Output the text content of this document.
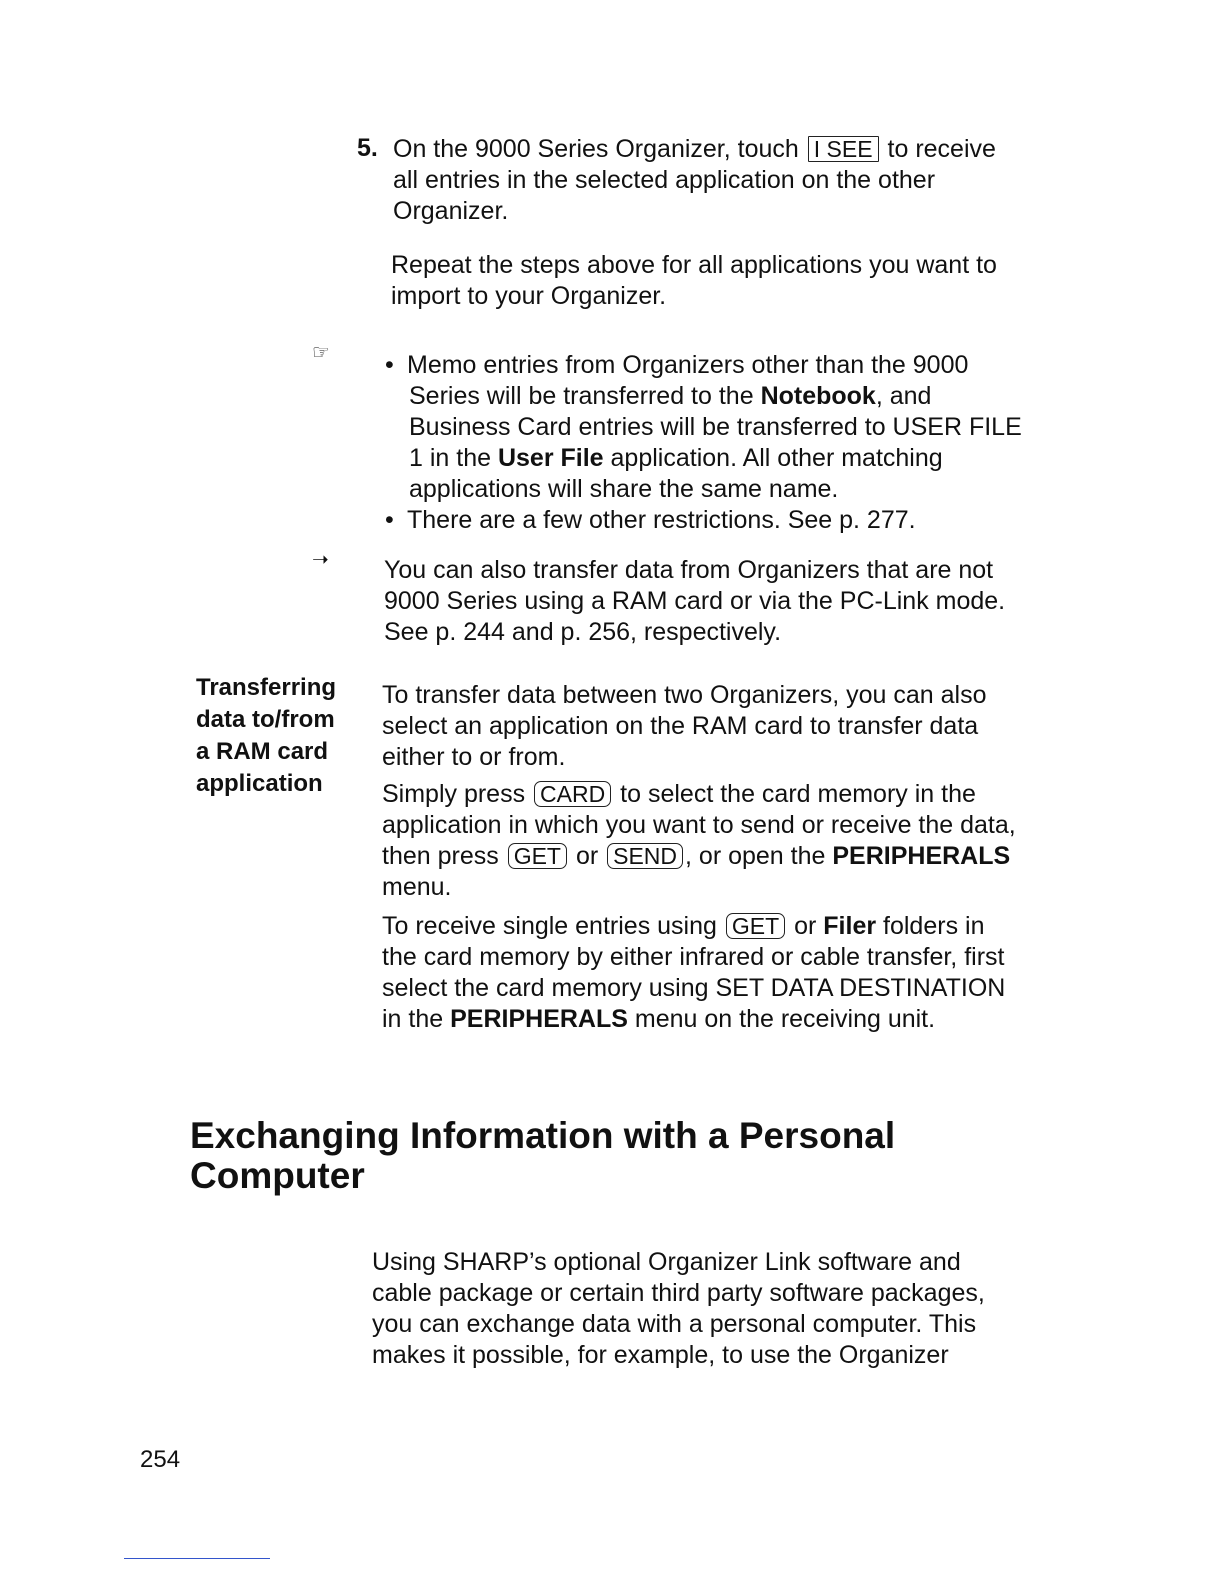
5. On the 9000 Series Organizer, touch I SEE to receive

all entries in the selected application on the other

Organizer.

Repeat the steps above for all applications you want to

import to your Organizer.

☞ • Memo entries from Organizers other than the 9000

Series will be transferred to the Notebook, and

Business Card entries will be transferred to USER FILE

1 in the User File application. All other matching

applications will share the same name.

• There are a few other restrictions. See p. 277.

➝ You can also transfer data from Organizers that are not

9000 Series using a RAM card or via the PC-Link mode.

See p. 244 and p. 256, respectively.

Transferring

data to/from

a RAM card

application

To transfer data between two Organizers, you can also

select an application on the RAM card to transfer data

either to or from.

Simply press CARD to select the card memory in the

application in which you want to send or receive the data,

then press GET or SEND , or open the PERIPHERALS

menu.

To receive single entries using GET or Filer folders in

the card memory by either infrared or cable transfer, first

select the card memory using SET DATA DESTINATION

in the PERIPHERALS menu on the receiving unit.

Exchanging Information with a Personal
Computer

Using SHARP’s optional Organizer Link software and

cable package or certain third party software packages,

you can exchange data with a personal computer. This

makes it possible, for example, to use the Organizer

254
